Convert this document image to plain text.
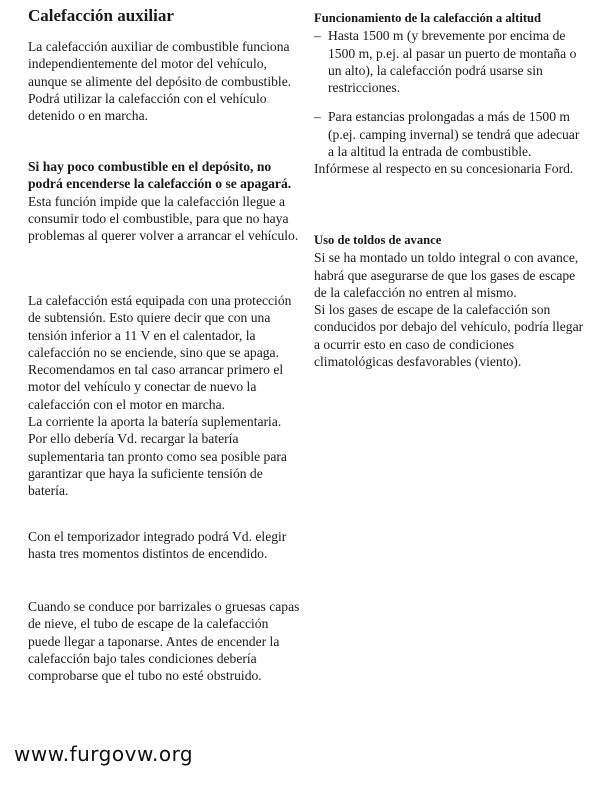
Calefacción auxiliar

La calefacción auxiliar de combustible funciona independientemente del motor del vehículo, aunque se alimente del depósito de combustible.

Podrá utilizar la calefacción con el vehículo detenido o en marcha.

Si hay poco combustible en el depósito, no podrá encenderse la calefacción o se apagará.

Esta función impide que la calefacción llegue a consumir todo el combustible, para que no haya problemas al querer volver a arrancar el vehículo.

La calefacción está equipada con una protección de subtensión. Esto quiere decir que con una tensión inferior a 11 V en el calentador, la calefacción no se enciende, sino que se apaga.

Recomendamos en tal caso arrancar primero el motor del vehículo y conectar de nuevo la calefacción con el motor en marcha.

La corriente la aporta la batería suplementaria. Por ello debería Vd. recargar la batería suplementaria tan pronto como sea posible para garantizar que haya la suficiente tensión de batería.

Con el temporizador integrado podrá Vd. elegir hasta tres momentos distintos de encendido.

Cuando se conduce por barrizales o gruesas capas de nieve, el tubo de escape de la calefacción puede llegar a taponarse. Antes de encender la calefacción bajo tales condiciones debería comprobarse que el tubo no esté obstruido.

Funcionamiento de la calefacción a altitud

– Hasta 1500 m (y brevemente por encima de 1500 m, p.ej. al pasar un puerto de montaña o un alto), la calefacción podrá usarse sin restricciones.

– Para estancias prolongadas a más de 1500 m (p.ej. camping invernal) se tendrá que adecuar a la altitud la entrada de combustible.

Infórmese al respecto en su concesionaria Ford.

Uso de toldos de avance

Si se ha montado un toldo integral o con avance, habrá que asegurarse de que los gases de escape de la calefacción no entren al mismo.

Si los gases de escape de la calefacción son conducidos por debajo del vehículo, podría llegar a ocurrir esto en caso de condiciones climatológicas desfavorables (viento).

www.furgovw.org
